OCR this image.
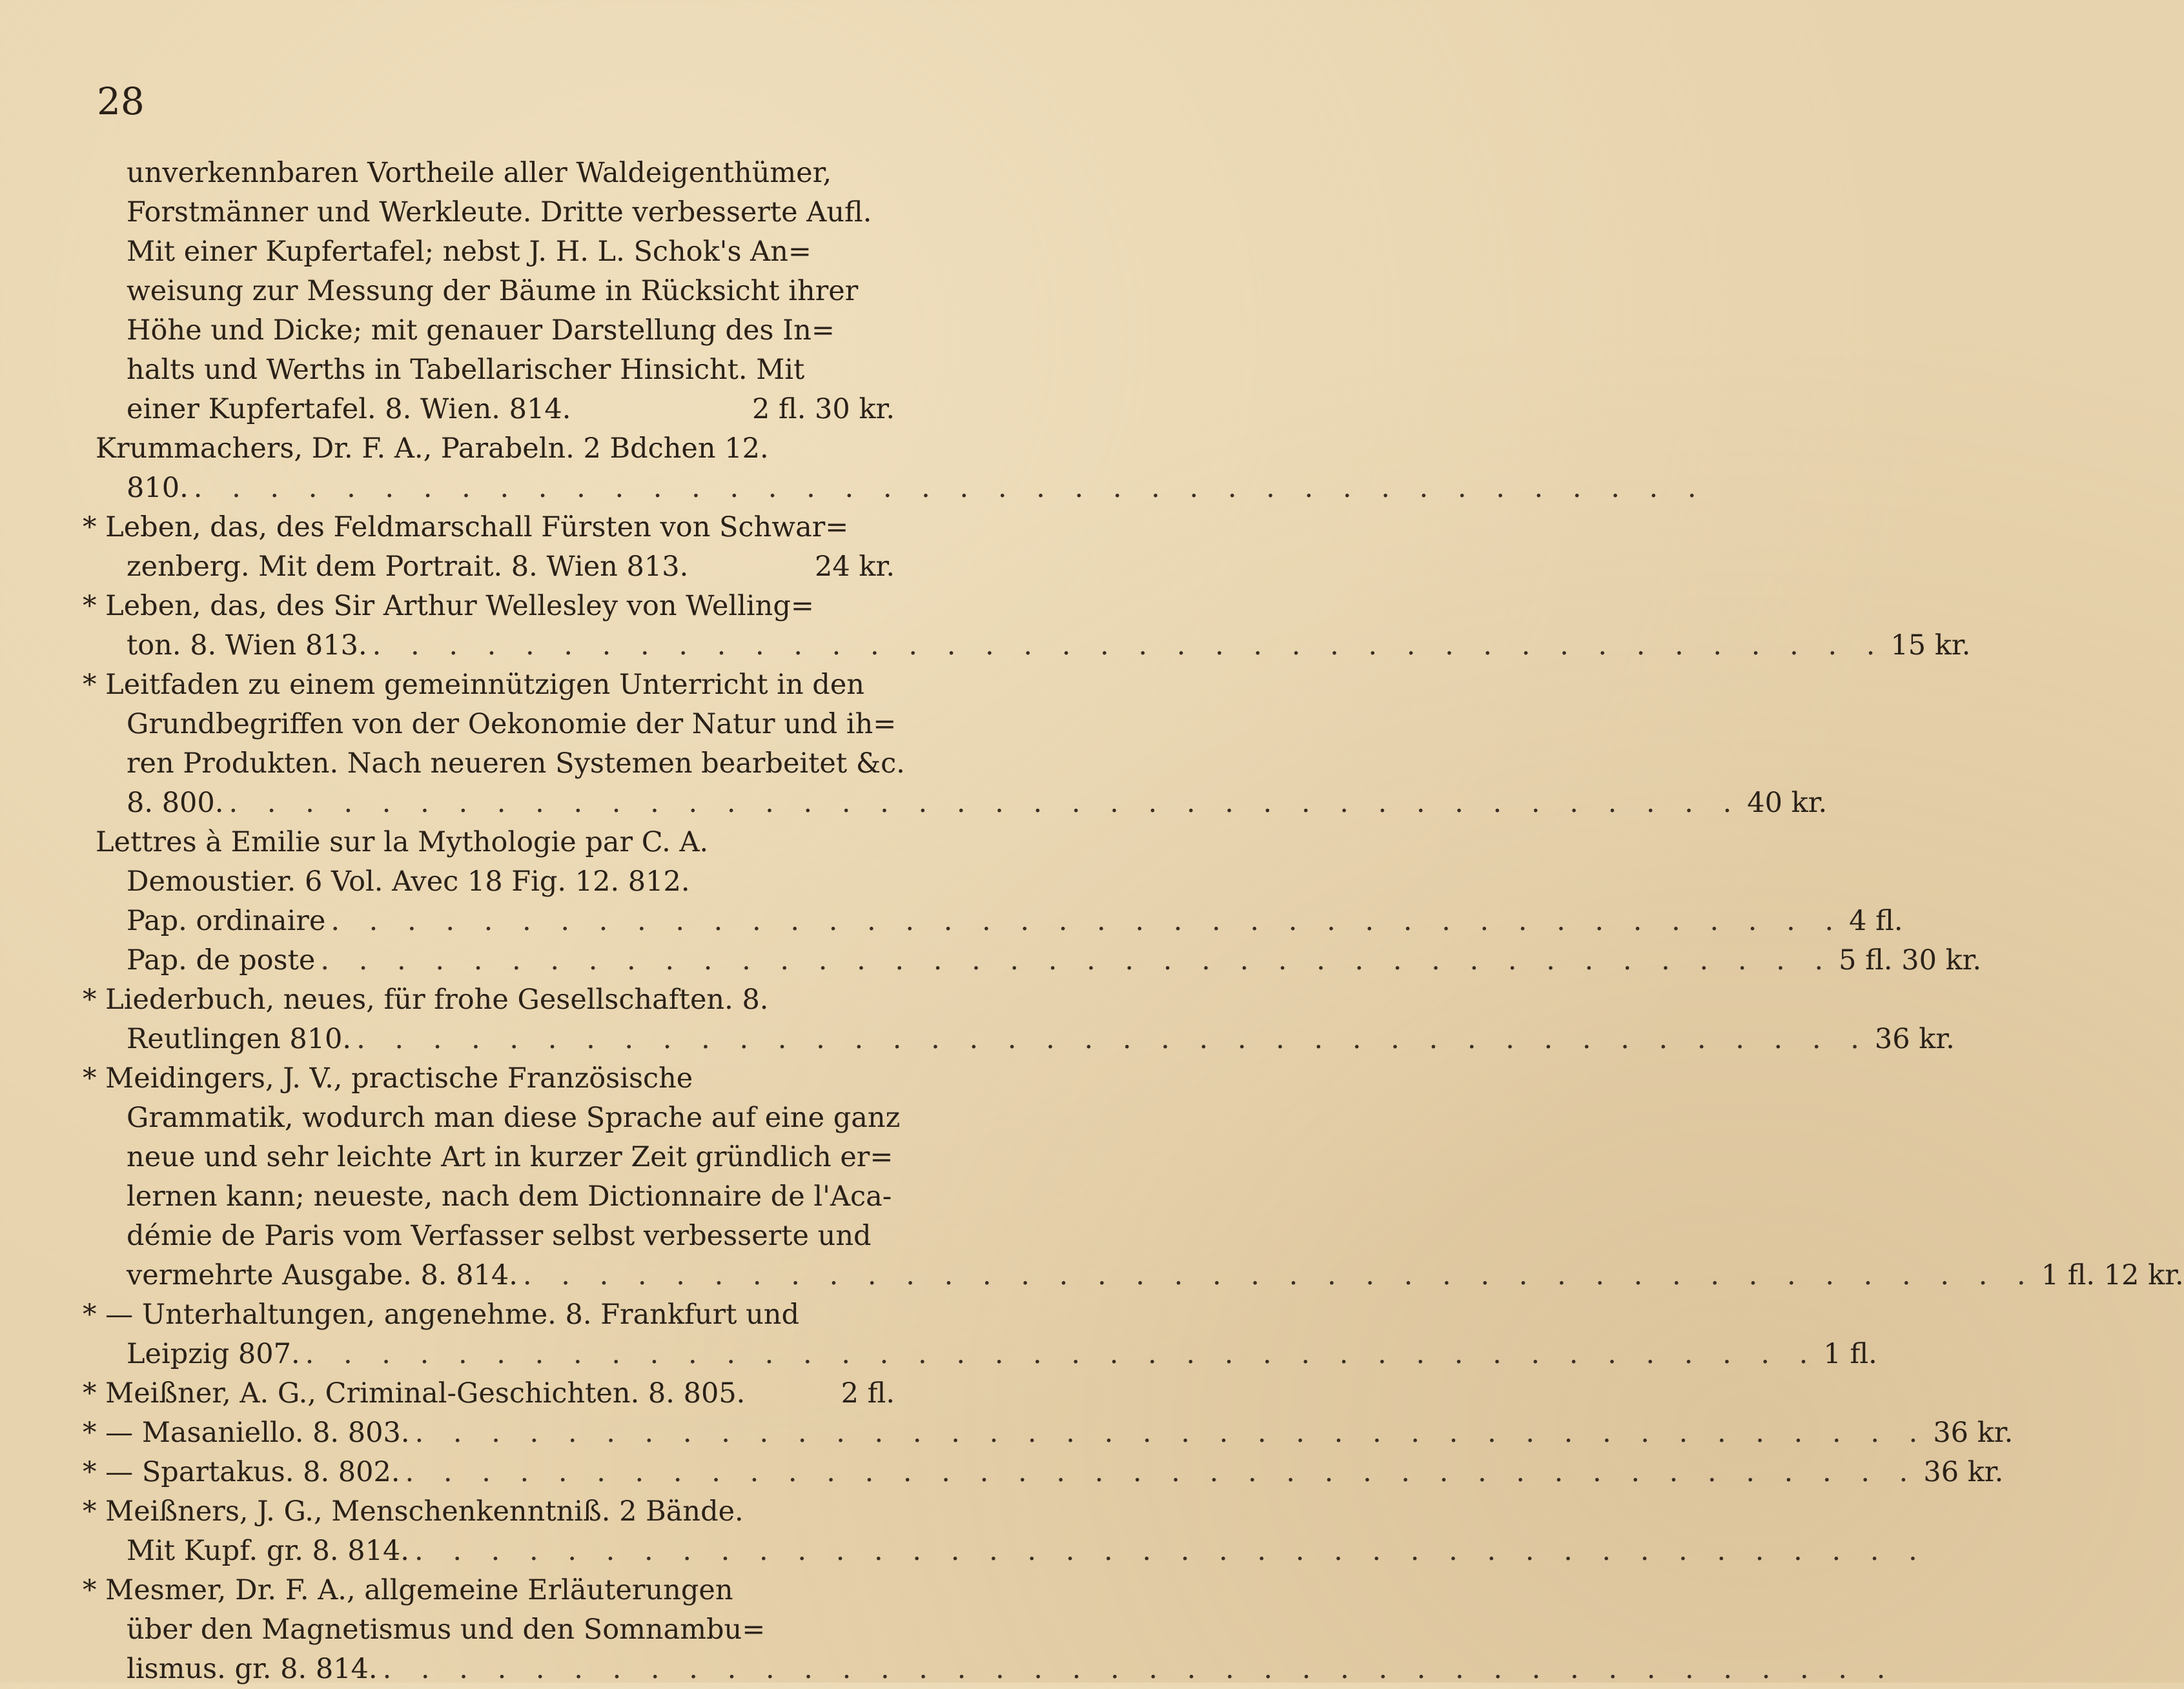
28
unverkennbaren Vortheile aller Waldeigenthümer,
Forstmänner und Werkleute. Dritte verbesserte Aufl.
Mit einer Kupfertafel; nebst J. H. L. Schok's An=
weisung zur Messung der Bäume in Rücksicht ihrer
Höhe und Dicke; mit genauer Darstellung des In=
halts und Werths in Tabellarischer Hinsicht. Mit
einer Kupfertafel. 8. Wien. 814.	2 fl. 30 kr.
Krummachers, Dr. F. A., Parabeln. 2 Bdchen 12.
810. . . . . . . . . . . . . . . . . . . . . . . . . . . . . . . . . . . . . . . . .
* Leben, das, des Feldmarschall Fürsten von Schwar=
zenberg. Mit dem Portrait. 8. Wien 813.	24 kr.
* Leben, das, des Sir Arthur Wellesley von Welling=
ton. 8. Wien 813. . . . . . . . . . . . . . . . . . . . . . . . . . . . . . . . . . . . . . . . . 15 kr.
* Leitfaden zu einem gemeinnützigen Unterricht in den
Grundbegriffen von der Oekonomie der Natur und ih=
ren Produkten. Nach neueren Systemen bearbeitet &c.
8. 800. . . . . . . . . . . . . . . . . . . . . . . . . . . . . . . . . . . . . . . . . 40 kr.
Lettres à Emilie sur la Mythologie par C. A.
Demoustier. 6 Vol. Avec 18 Fig. 12. 812.
Pap. ordinaire . . . . . . . . . . . . . . . . . . . . . . . . . . . . . . . . . . . . . . . . 4 fl.
Pap. de poste . . . . . . . . . . . . . . . . . . . . . . . . . . . . . . . . . . . . . . . . 5 fl. 30 kr.
* Liederbuch, neues, für frohe Gesellschaften. 8.
Reutlingen 810. . . . . . . . . . . . . . . . . . . . . . . . . . . . . . . . . . . . . . . . . 36 kr.
* Meidingers, J. V., practische Französische
Grammatik, wodurch man diese Sprache auf eine ganz
neue und sehr leichte Art in kurzer Zeit gründlich er=
lernen kann; neueste, nach dem Dictionnaire de l'Aca-
démie de Paris vom Verfasser selbst verbesserte und
vermehrte Ausgabe. 8. 814. . . . . . . . . . . . . . . . . . . . . . . . . . . . . . . . . . . . . . . . . 1 fl. 12 kr.
* — Unterhaltungen, angenehme. 8. Frankfurt und
Leipzig 807. . . . . . . . . . . . . . . . . . . . . . . . . . . . . . . . . . . . . . . . . 1 fl.
* Meißner, A. G., Criminal-Geschichten. 8. 805.	2 fl.
* — Masaniello. 8. 803. . . . . . . . . . . . . . . . . . . . . . . . . . . . . . . . . . . . . . . . . 36 kr.
* — Spartakus. 8. 802. . . . . . . . . . . . . . . . . . . . . . . . . . . . . . . . . . . . . . . . . 36 kr.
* Meißners, J. G., Menschenkenntniß. 2 Bände.
Mit Kupf. gr. 8. 814. . . . . . . . . . . . . . . . . . . . . . . . . . . . . . . . . . . . . . . . .
* Mesmer, Dr. F. A., allgemeine Erläuterungen
über den Magnetismus und den Somnambu=
lismus. gr. 8. 814. . . . . . . . . . . . . . . . . . . . . . . . . . . . . . . . . . . . . . . . .
